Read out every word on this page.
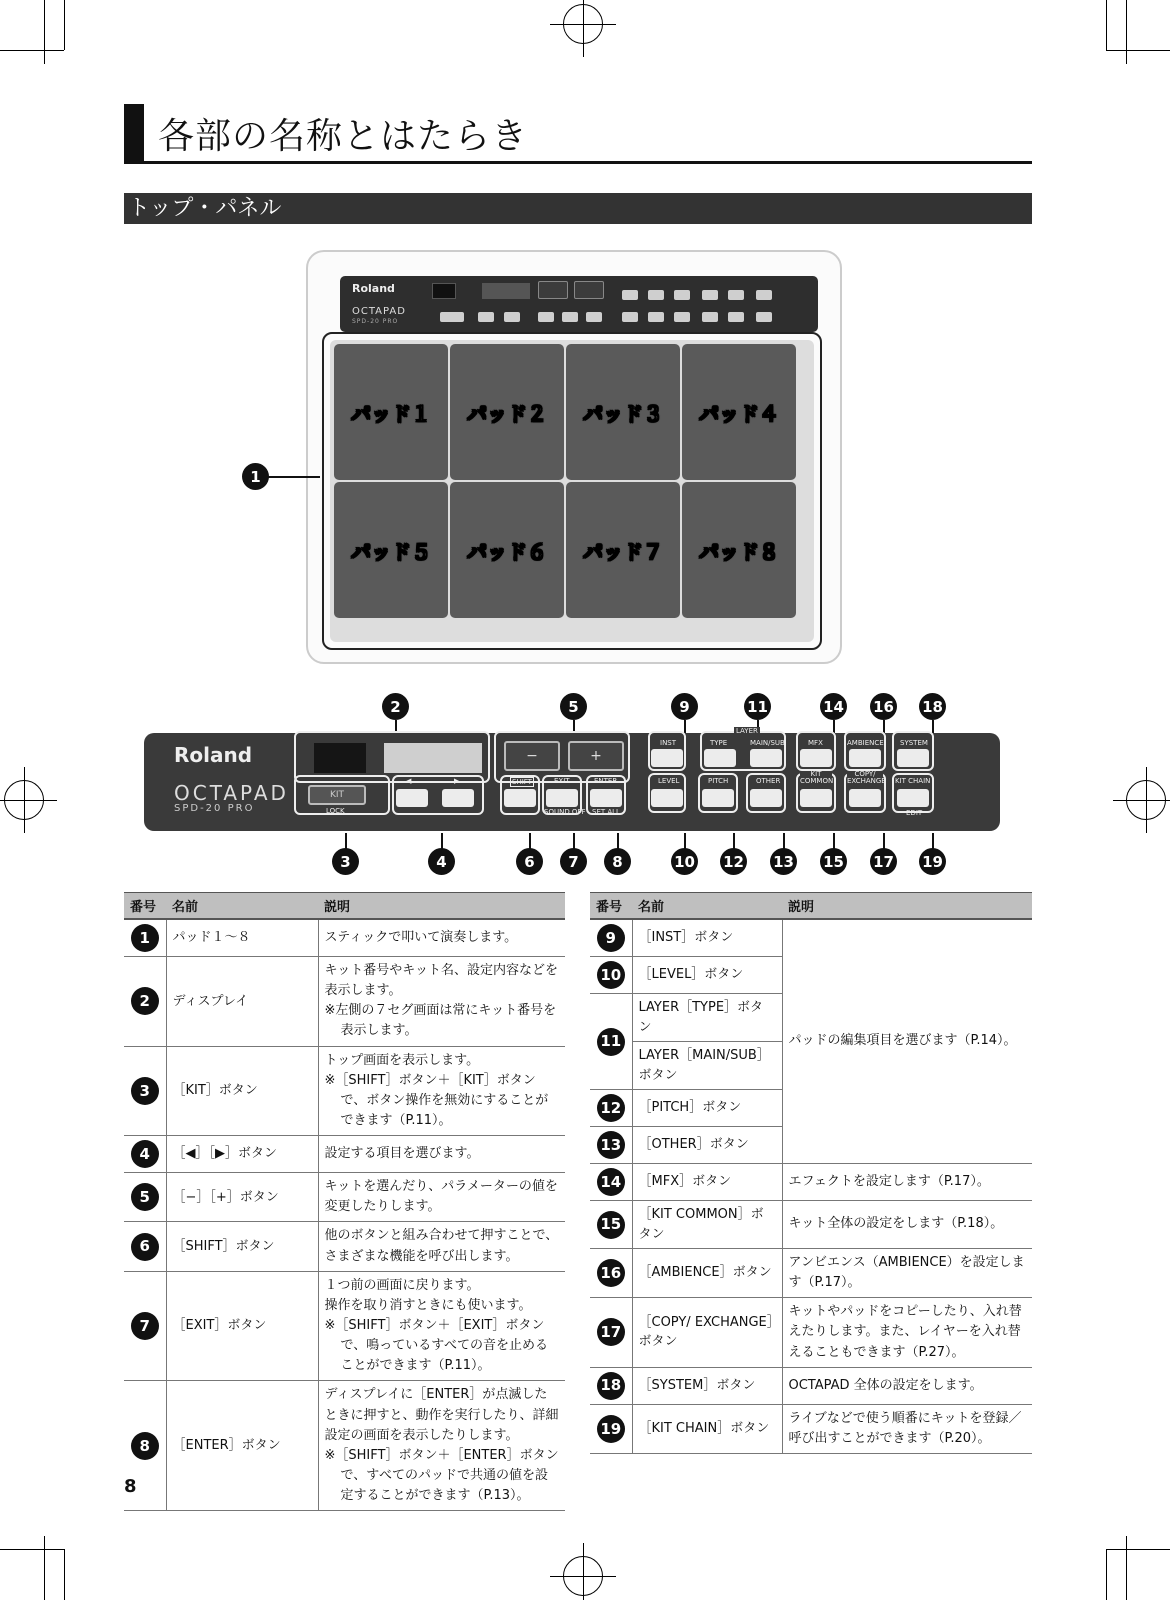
各部の名称とはたらき
トップ・パネル
Roland
OCTAPAD
SPD-20 PRO
パッド１ パッド２ パッド３ パッド４
パッド５ パッド６ パッド７ パッド８
1
2	5	9	11	14 16 18
Roland
OCTAPAD
SPD-20 PRO
−	+
KIT
LOCK
◀	▶	SHIFT	EXIT
SOUND OFF
ENTER
SET ALL
INST
LAYER
TYPE	MAIN/SUB	MFX	AMBIENCE SYSTEM
LEVEL	PITCH	OTHER
KIT COMMON
COPY/ EXCHANGE KIT CHAIN
EDIT
3	4	6	7	8	10 12 13 15 17 19
番号	名前	説明
1	パッド１～８	スティックで叩いて演奏します。

2	ディスプレイ	キット番号やキット名、設定内容などを表示します。
※左側の７セグ画面は常にキット番号を表示します。

3	［KIT］ボタン	トップ画面を表示します。
※［SHIFT］ボタン＋［KIT］ボタンで、ボタン操作を無効にすることができます（P.11）。

4	［◀］［▶］ボタン	設定する項目を選びます。

5	［−］［+］ボタン	キットを選んだり、パラメーターの値を変更したりします。

6	［SHIFT］ボタン	他のボタンと組み合わせて押すことで、さまざまな機能を呼び出します。

7	［EXIT］ボタン	１つ前の画面に戻ります。
操作を取り消すときにも使います。
※［SHIFT］ボタン＋［EXIT］ボタンで、鳴っているすべての音を止めることができます（P.11）。

8	［ENTER］ボタン	ディスプレイに［ENTER］が点滅したときに押すと、動作を実行したり、詳細設定の画面を表示したりします。
※［SHIFT］ボタン＋［ENTER］ボタンで、すべてのパッドで共通の値を設定することができます（P.13）。
番号	名前	説明
9	［INST］ボタン	パッドの編集項目を選びます（P.14）。

10	［LEVEL］ボタン	
11	LAYER［TYPE］ボタン	
	LAYER［MAIN/SUB］ボタン	
12	［PITCH］ボタン	
13	［OTHER］ボタン	
14	［MFX］ボタン	エフェクトを設定します（P.17）。
15	［KIT COMMON］ボタン	キット全体の設定をします（P.18）。
16	［AMBIENCE］ボタン	アンビエンス（AMBIENCE）を設定します（P.17）。
17	［COPY/ EXCHANGE］ボタン	キットやパッドをコピーしたり、入れ替えたりします。また、レイヤーを入れ替えることもできます（P.27）。
18	［SYSTEM］ボタン	OCTAPAD 全体の設定をします。
19	［KIT CHAIN］ボタン	ライブなどで使う順番にキットを登録／呼び出すことができます（P.20）。
8
